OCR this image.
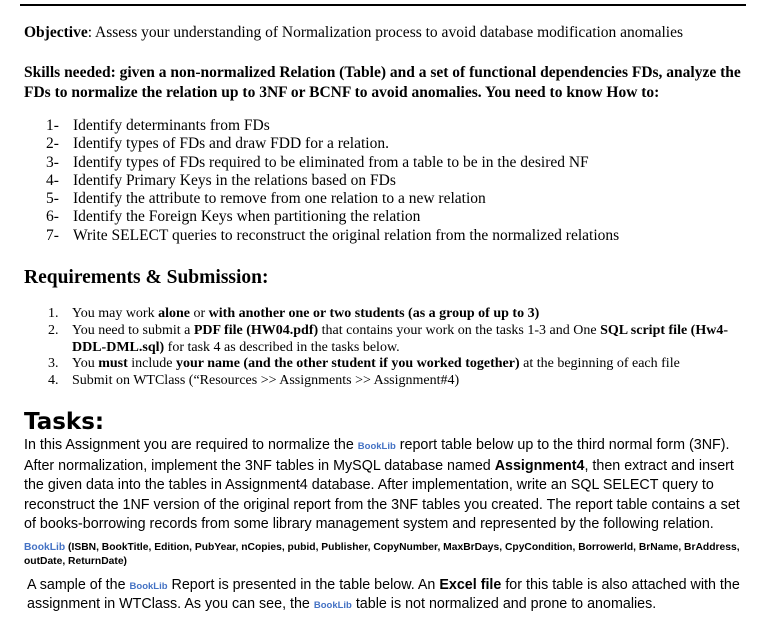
Objective: Assess your understanding of Normalization process to avoid database modification anomalies
Skills needed: given a non-normalized Relation (Table) and a set of functional dependencies FDs, analyze the FDs to normalize the relation up to 3NF or BCNF to avoid anomalies. You need to know How to:
1- Identify determinants from FDs
2- Identify types of FDs and draw FDD for a relation.
3- Identify types of FDs required to be eliminated from a table to be in the desired NF
4- Identify Primary Keys in the relations based on FDs
5- Identify the attribute to remove from one relation to a new relation
6- Identify the Foreign Keys when partitioning the relation
7- Write SELECT queries to reconstruct the original relation from the normalized relations
Requirements & Submission:
1. You may work alone or with another one or two students (as a group of up to 3)
2. You need to submit a PDF file (HW04.pdf) that contains your work on the tasks 1-3 and One SQL script file (Hw4-DDL-DML.sql) for task 4 as described in the tasks below.
3. You must include your name (and the other student if you worked together) at the beginning of each file
4. Submit on WTClass (“Resources >> Assignments >> Assignment#4)
Tasks:
In this Assignment you are required to normalize the BookLib report table below up to the third normal form (3NF). After normalization, implement the 3NF tables in MySQL database named Assignment4, then extract and insert the given data into the tables in Assignment4 database. After implementation, write an SQL SELECT query to reconstruct the 1NF version of the original report from the 3NF tables you created. The report table contains a set of books-borrowing records from some library management system and represented by the following relation.
BookLib (ISBN, BookTitle, Edition, PubYear, nCopies, pubid, Publisher, CopyNumber, MaxBrDays, CpyCondition, Borrowerld, BrName, BrAddress, outDate, ReturnDate)
A sample of the BookLib Report is presented in the table below. An Excel file for this table is also attached with the assignment in WTClass. As you can see, the BookLib table is not normalized and prone to anomalies.
